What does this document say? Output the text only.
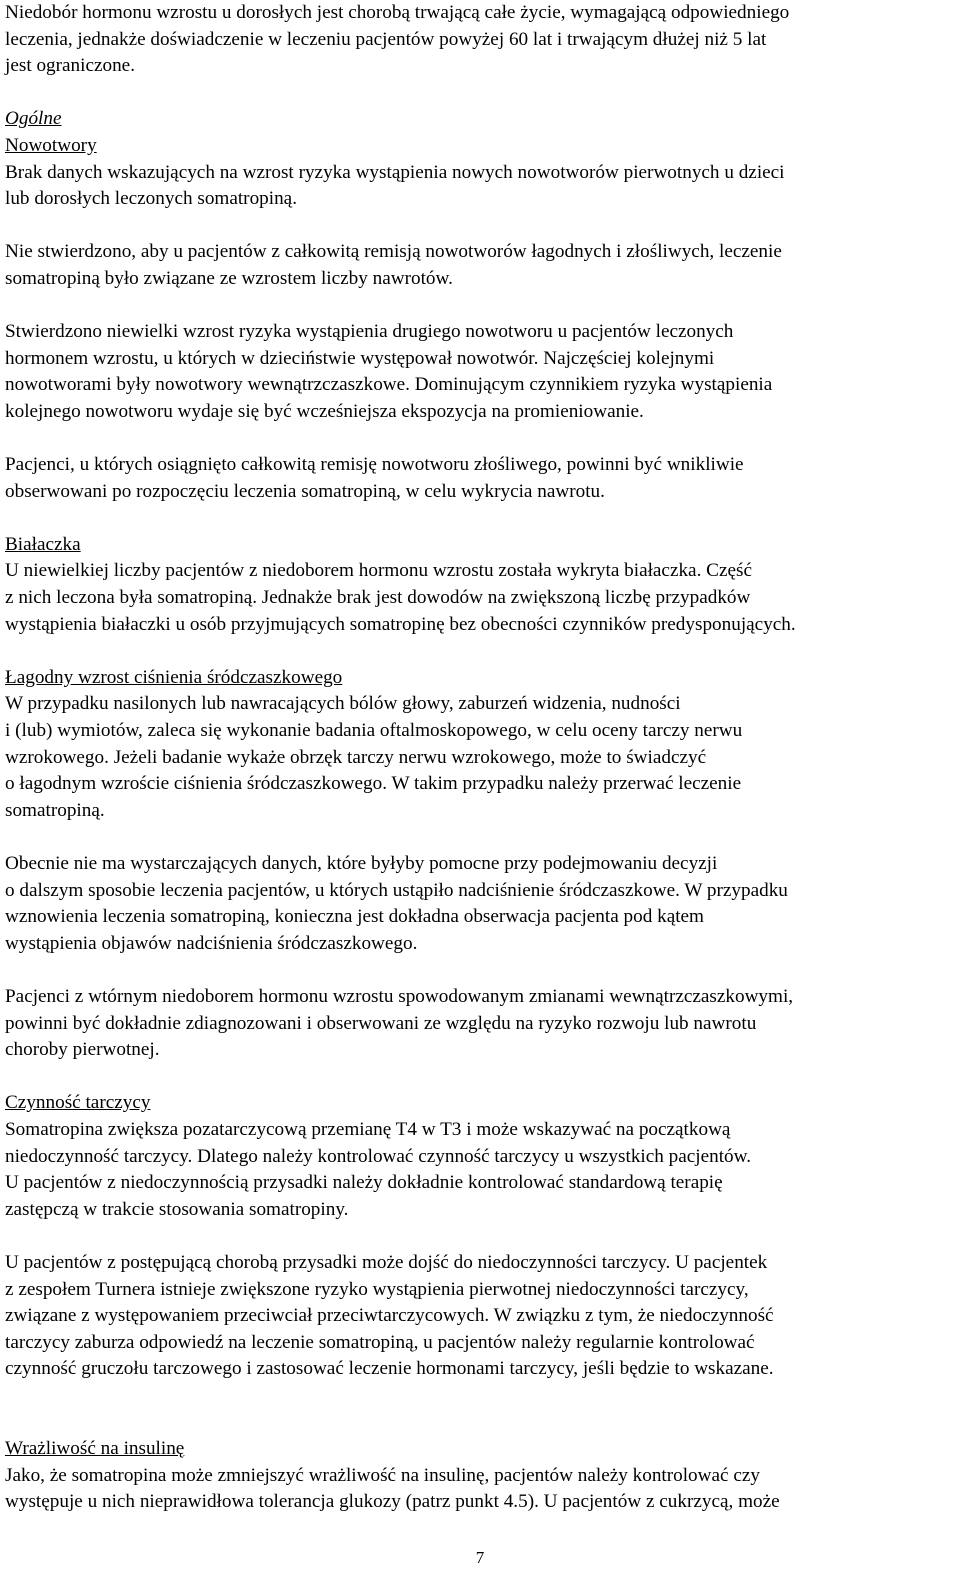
Niedobór hormonu wzrostu u dorosłych jest chorobą trwającą całe życie, wymagającą odpowiedniego
leczenia, jednakże doświadczenie w leczeniu pacjentów powyżej 60 lat i trwającym dłużej niż 5 lat
jest ograniczone.

Ogólne

Nowotwory

Brak danych wskazujących na wzrost ryzyka wystąpienia nowych nowotworów pierwotnych u dzieci
lub dorosłych leczonych somatropiną.

Nie stwierdzono, aby u pacjentów z całkowitą remisją nowotworów łagodnych i złośliwych, leczenie
somatropiną było związane ze wzrostem liczby nawrotów.

Stwierdzono niewielki wzrost ryzyka wystąpienia drugiego nowotworu u pacjentów leczonych
hormonem wzrostu, u których w dzieciństwie występował nowotwór. Najczęściej kolejnymi
nowotworami były nowotwory wewnątrzczaszkowe. Dominującym czynnikiem ryzyka wystąpienia
kolejnego nowotworu wydaje się być wcześniejsza ekspozycja na promieniowanie.

Pacjenci, u których osiągnięto całkowitą remisję nowotworu złośliwego, powinni być wnikliwie
obserwowani po rozpoczęciu leczenia somatropiną, w celu wykrycia nawrotu.

Białaczka

U niewielkiej liczby pacjentów z niedoborem hormonu wzrostu została wykryta białaczka. Część
z nich leczona była somatropiną. Jednakże brak jest dowodów na zwiększoną liczbę przypadków
wystąpienia białaczki u osób przyjmujących somatropinę bez obecności czynników predysponujących.

Łagodny wzrost ciśnienia śródczaszkowego

W przypadku nasilonych lub nawracających bólów głowy, zaburzeń widzenia, nudności
i (lub) wymiotów, zaleca się wykonanie badania oftalmoskopowego, w celu oceny tarczy nerwu
wzrokowego. Jeżeli badanie wykaże obrzęk tarczy nerwu wzrokowego, może to świadczyć
o łagodnym wzroście ciśnienia śródczaszkowego. W takim przypadku należy przerwać leczenie
somatropiną.

Obecnie nie ma wystarczających danych, które byłyby pomocne przy podejmowaniu decyzji
o dalszym sposobie leczenia pacjentów, u których ustąpiło nadciśnienie śródczaszkowe. W przypadku
wznowienia leczenia somatropiną, konieczna jest dokładna obserwacja pacjenta pod kątem
wystąpienia objawów nadciśnienia śródczaszkowego.

Pacjenci z wtórnym niedoborem hormonu wzrostu spowodowanym zmianami wewnątrzczaszkowymi,
powinni być dokładnie zdiagnozowani i obserwowani ze względu na ryzyko rozwoju lub nawrotu
choroby pierwotnej.

Czynność tarczycy

Somatropina zwiększa pozatarczycową przemianę T4 w T3 i może wskazywać na początkową
niedoczynność tarczycy. Dlatego należy kontrolować czynność tarczycy u wszystkich pacjentów.
U pacjentów z niedoczynnością przysadki należy dokładnie kontrolować standardową terapię
zastępczą w trakcie stosowania somatropiny.

U pacjentów z postępującą chorobą przysadki może dojść do niedoczynności tarczycy. U pacjentek
z zespołem Turnera istnieje zwiększone ryzyko wystąpienia pierwotnej niedoczynności tarczycy,
związane z występowaniem przeciwciał przeciwtarczycowych. W związku z tym, że niedoczynność
tarczycy zaburza odpowiedź na leczenie somatropiną, u pacjentów należy regularnie kontrolować
czynność gruczołu tarczowego i zastosować leczenie hormonami tarczycy, jeśli będzie to wskazane.

Wrażliwość na insulinę

Jako, że somatropina może zmniejszyć wrażliwość na insulinę, pacjentów należy kontrolować czy
występuje u nich nieprawidłowa tolerancja glukozy (patrz punkt 4.5). U pacjentów z cukrzycą, może

7
